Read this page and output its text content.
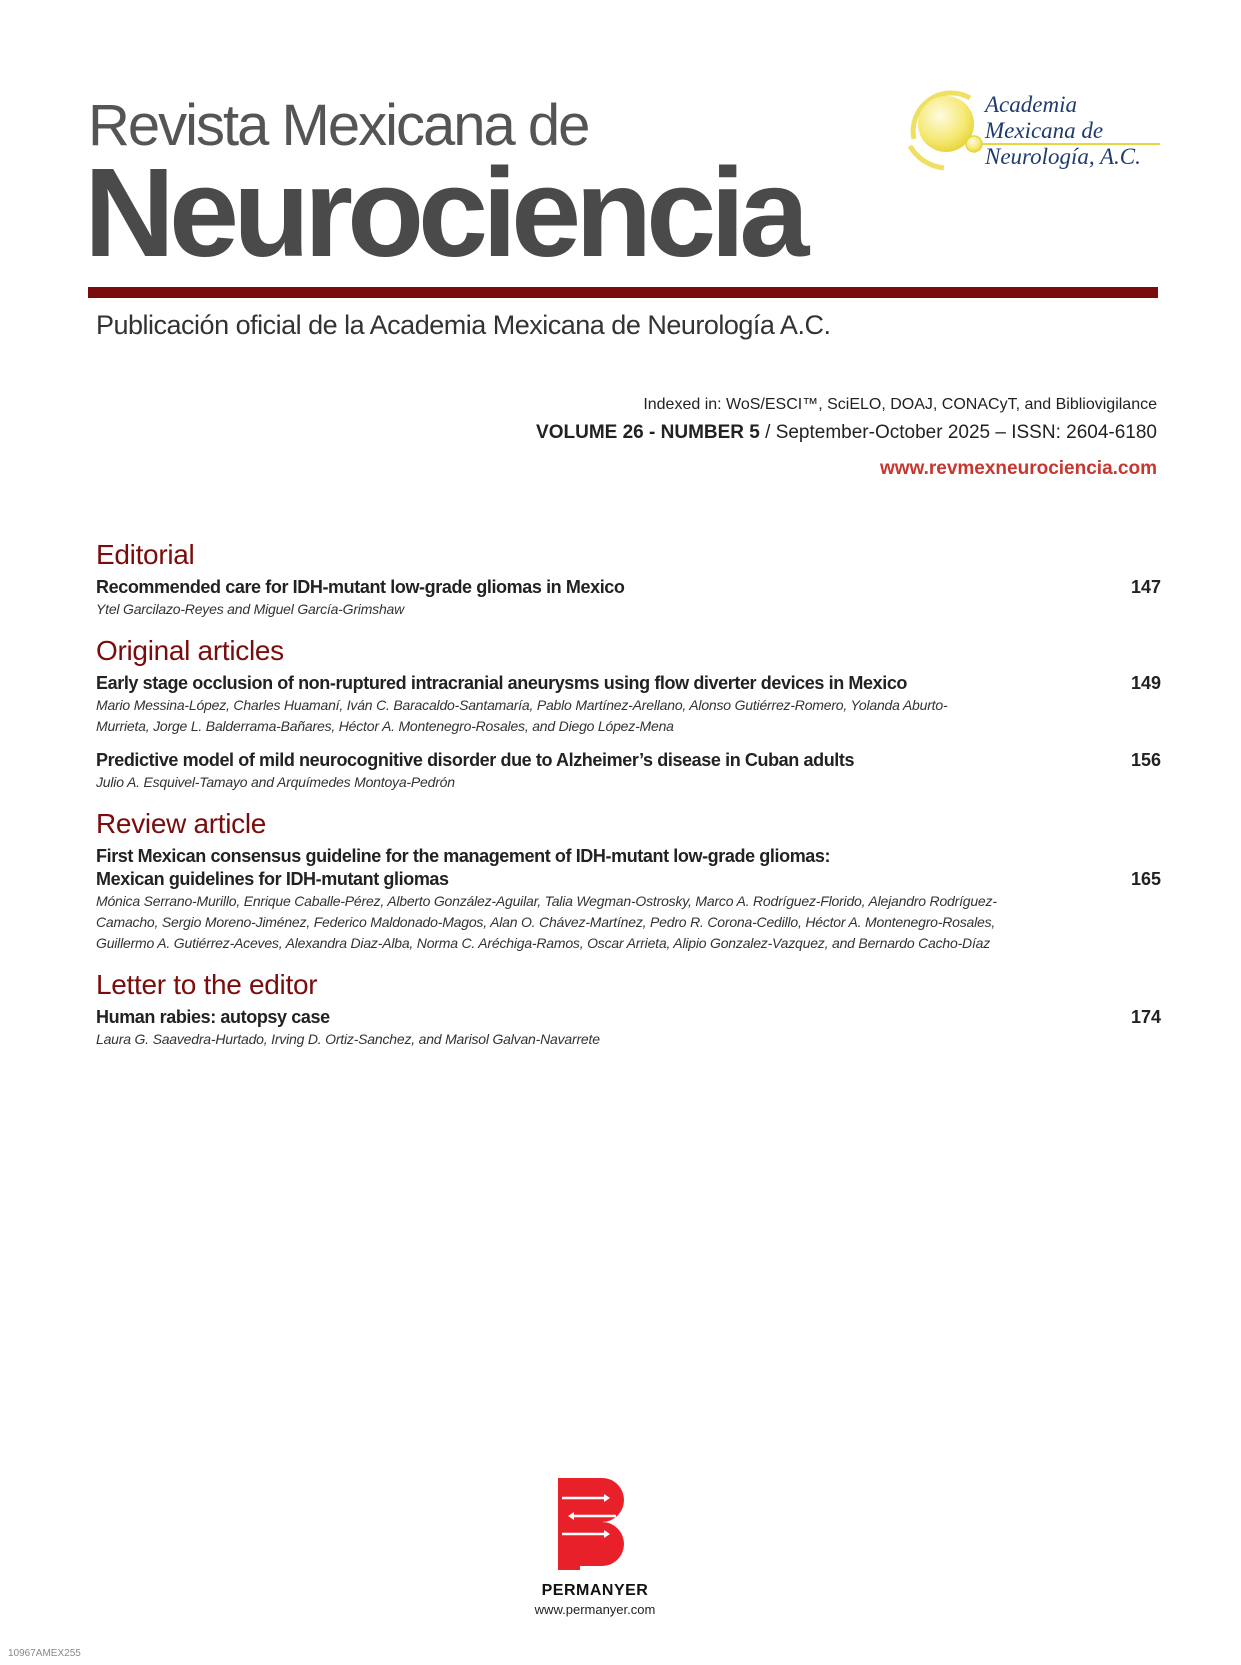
Revista Mexicana de
Neurociencia
Publicación oficial de la Academia Mexicana de Neurología A.C.
Academia
Mexicana de
Neurología, A.C.
Indexed in: WoS/ESCI™, SciELO, DOAJ, CONACyT, and Bibliovigilance
VOLUME 26 - NUMBER 5 / September-October 2025 – ISSN: 2604-6180
www.revmexneurociencia.com
Editorial
147
Recommended care for IDH-mutant low-grade gliomas in Mexico
Ytel Garcilazo-Reyes and Miguel García-Grimshaw
Original articles
149
Early stage occlusion of non-ruptured intracranial aneurysms using flow diverter devices in Mexico
Mario Messina-López, Charles Huamaní, Iván C. Baracaldo-Santamaría, Pablo Martínez-Arellano, Alonso Gutiérrez-Romero, Yolanda Aburto-Murrieta, Jorge L. Balderrama-Bañares, Héctor A. Montenegro-Rosales, and Diego López-Mena
156
Predictive model of mild neurocognitive disorder due to Alzheimer’s disease in Cuban adults
Julio A. Esquivel-Tamayo and Arquímedes Montoya-Pedrón
Review article
165
First Mexican consensus guideline for the management of IDH-mutant low-grade gliomas: Mexican guidelines for IDH-mutant gliomas
Mónica Serrano-Murillo, Enrique Caballe-Pérez, Alberto González-Aguilar, Talia Wegman-Ostrosky, Marco A. Rodríguez-Florido, Alejandro Rodríguez-Camacho, Sergio Moreno-Jiménez, Federico Maldonado-Magos, Alan O. Chávez-Martínez, Pedro R. Corona-Cedillo, Héctor A. Montenegro-Rosales, Guillermo A. Gutiérrez-Aceves, Alexandra Diaz-Alba, Norma C. Aréchiga-Ramos, Oscar Arrieta, Alipio Gonzalez-Vazquez, and Bernardo Cacho-Díaz
Letter to the editor
174
Human rabies: autopsy case
Laura G. Saavedra-Hurtado, Irving D. Ortiz-Sanchez, and Marisol Galvan-Navarrete
PERMANYER
www.permanyer.com
10967AMEX255
